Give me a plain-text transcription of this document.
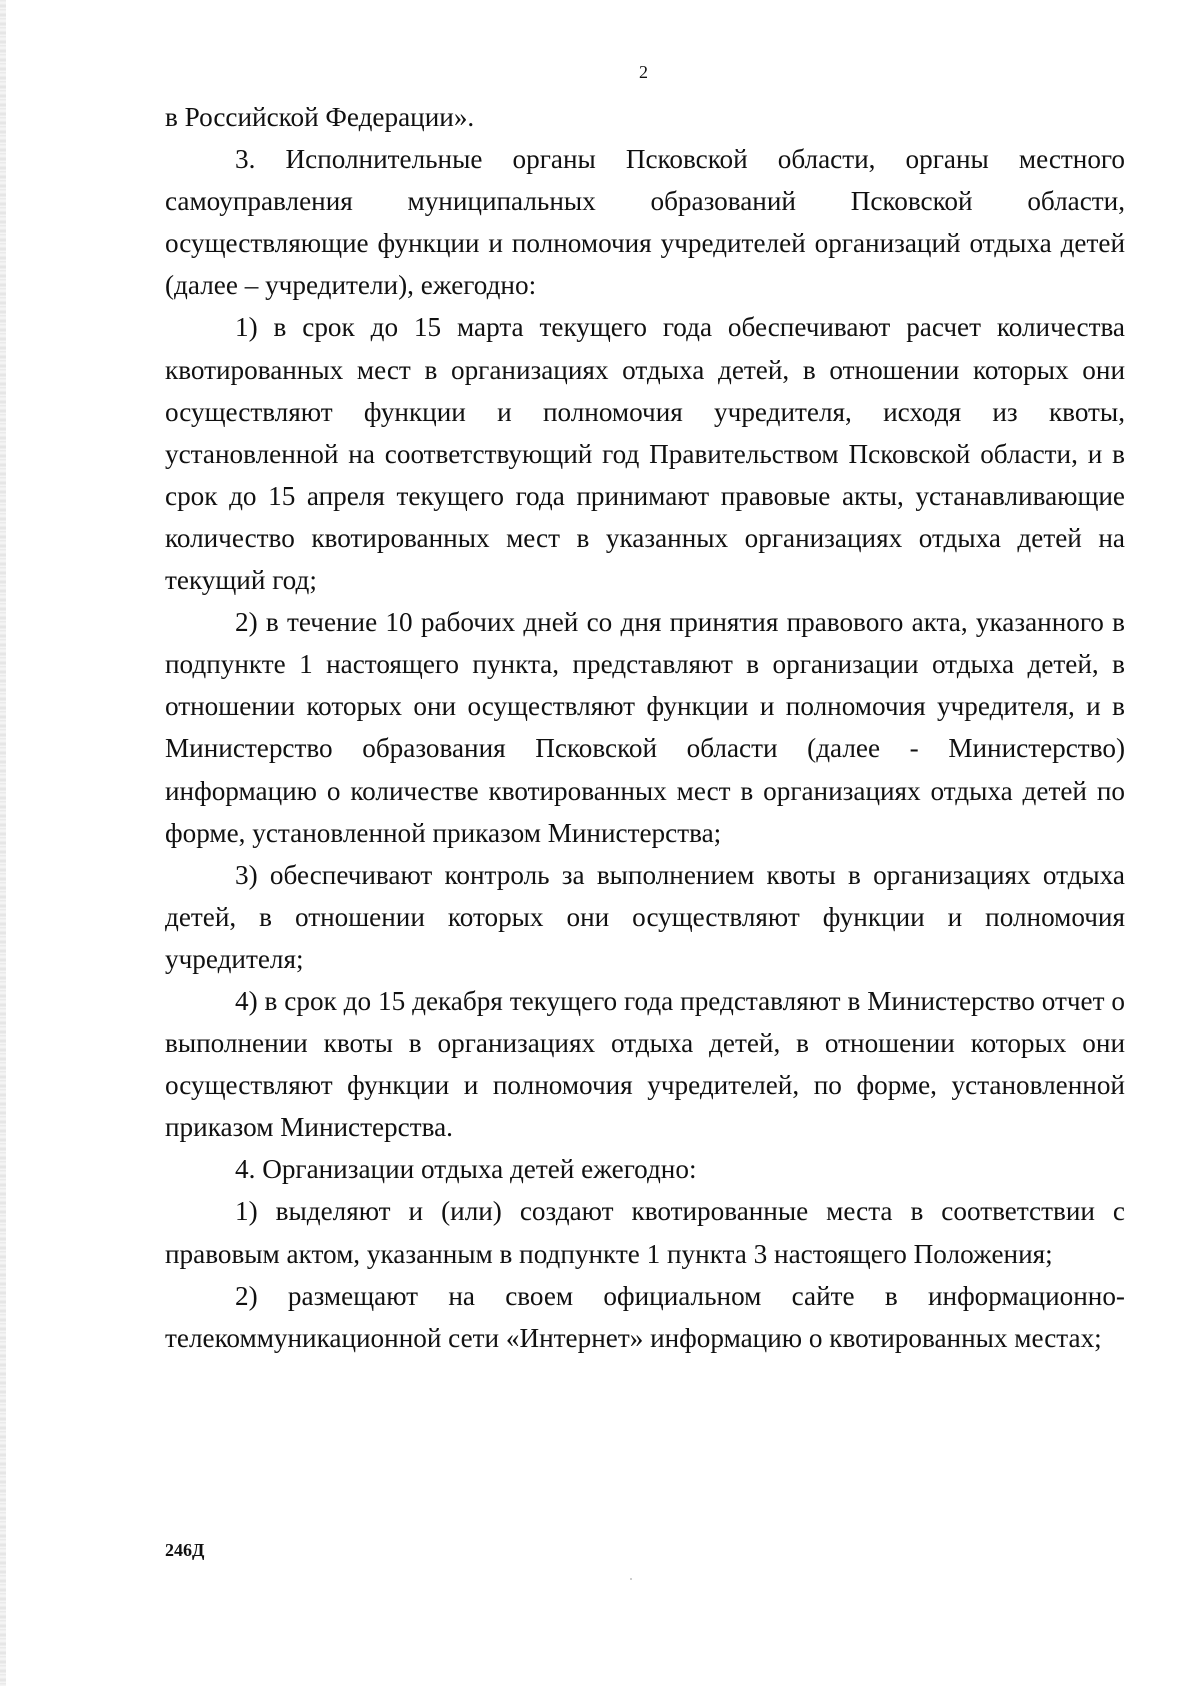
2

в Российской Федерации».

3. Исполнительные органы Псковской области, органы местного самоуправления муниципальных образований Псковской области, осуществляющие функции и полномочия учредителей организаций отдыха детей (далее – учредители), ежегодно:

1) в срок до 15 марта текущего года обеспечивают расчет количества квотированных мест в организациях отдыха детей, в отношении которых они осуществляют функции и полномочия учредителя, исходя из квоты, установленной на соответствующий год Правительством Псковской области, и в срок до 15 апреля текущего года принимают правовые акты, устанавливающие количество квотированных мест в указанных организациях отдыха детей на текущий год;

2) в течение 10 рабочих дней со дня принятия правового акта, указанного в подпункте 1 настоящего пункта, представляют в организации отдыха детей, в отношении которых они осуществляют функции и полномочия учредителя, и в Министерство образования Псковской области (далее - Министерство) информацию о количестве квотированных мест в организациях отдыха детей по форме, установленной приказом Министерства;

3) обеспечивают контроль за выполнением квоты в организациях отдыха детей, в отношении которых они осуществляют функции и полномочия учредителя;

4) в срок до 15 декабря текущего года представляют в Министерство отчет о выполнении квоты в организациях отдыха детей, в отношении которых они осуществляют функции и полномочия учредителей, по форме, установленной приказом Министерства.

4. Организации отдыха детей ежегодно:

1) выделяют и (или) создают квотированные места в соответствии с правовым актом, указанным в подпункте 1 пункта 3 настоящего Положения;

2) размещают на своем официальном сайте в информационно-телекоммуникационной сети «Интернет» информацию о квотированных местах;

246Д
